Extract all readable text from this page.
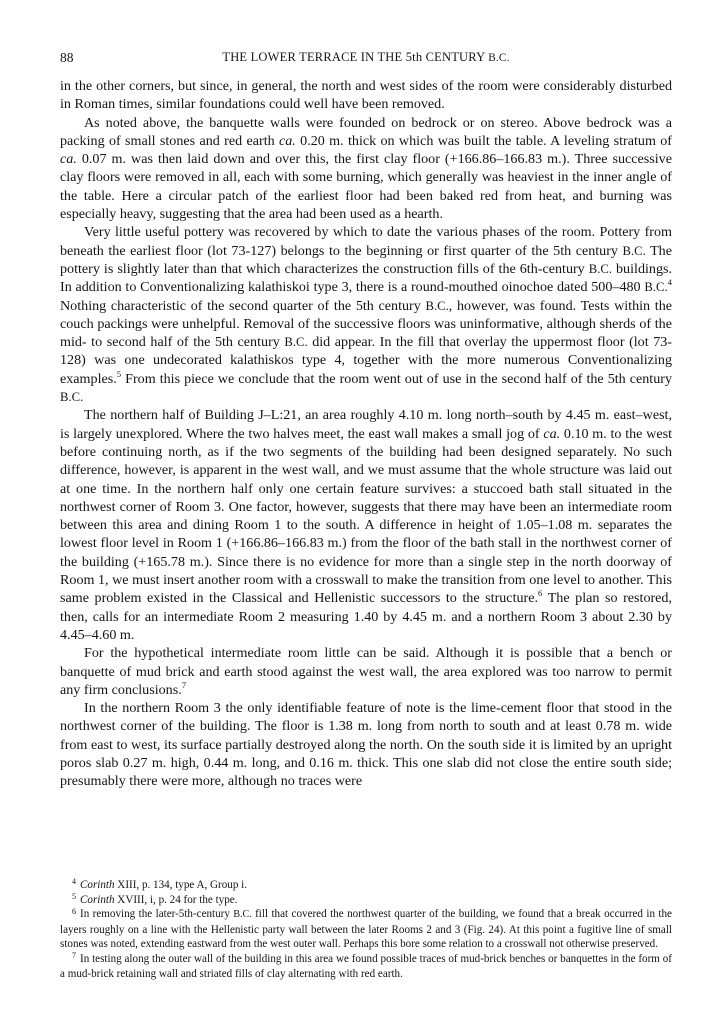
88	THE LOWER TERRACE IN THE 5th CENTURY B.C.

in the other corners, but since, in general, the north and west sides of the room were considerably disturbed in Roman times, similar foundations could well have been removed.

As noted above, the banquette walls were founded on bedrock or on stereo. Above bedrock was a packing of small stones and red earth ca. 0.20 m. thick on which was built the table. A leveling stratum of ca. 0.07 m. was then laid down and over this, the first clay floor (+166.86–166.83 m.). Three successive clay floors were removed in all, each with some burning, which generally was heaviest in the inner angle of the table. Here a circular patch of the earliest floor had been baked red from heat, and burning was especially heavy, suggesting that the area had been used as a hearth.

Very little useful pottery was recovered by which to date the various phases of the room. Pottery from beneath the earliest floor (lot 73-127) belongs to the beginning or first quarter of the 5th century B.C. The pottery is slightly later than that which characterizes the construction fills of the 6th-century B.C. buildings. In addition to Conventionalizing kalathiskoi type 3, there is a round-mouthed oinochoe dated 500–480 B.C.$^4$ Nothing characteristic of the second quarter of the 5th century B.C., however, was found. Tests within the couch packings were unhelpful. Removal of the successive floors was uninformative, although sherds of the mid- to second half of the 5th century B.C. did appear. In the fill that overlay the uppermost floor (lot 73-128) was one undecorated kalathiskos type 4, together with the more numerous Conventionalizing examples.$^5$ From this piece we conclude that the room went out of use in the second half of the 5th century B.C.

The northern half of Building J–L:21, an area roughly 4.10 m. long north–south by 4.45 m. east–west, is largely unexplored. Where the two halves meet, the east wall makes a small jog of ca. 0.10 m. to the west before continuing north, as if the two segments of the building had been designed separately. No such difference, however, is apparent in the west wall, and we must assume that the whole structure was laid out at one time. In the northern half only one certain feature survives: a stuccoed bath stall situated in the northwest corner of Room 3. One factor, however, suggests that there may have been an intermediate room between this area and dining Room 1 to the south. A difference in height of 1.05–1.08 m. separates the lowest floor level in Room 1 (+166.86–166.83 m.) from the floor of the bath stall in the northwest corner of the building (+165.78 m.). Since there is no evidence for more than a single step in the north doorway of Room 1, we must insert another room with a crosswall to make the transition from one level to another. This same problem existed in the Classical and Hellenistic successors to the structure.$^6$ The plan so restored, then, calls for an intermediate Room 2 measuring 1.40 by 4.45 m. and a northern Room 3 about 2.30 by 4.45–4.60 m.

For the hypothetical intermediate room little can be said. Although it is possible that a bench or banquette of mud brick and earth stood against the west wall, the area explored was too narrow to permit any firm conclusions.$^7$

In the northern Room 3 the only identifiable feature of note is the lime-cement floor that stood in the northwest corner of the building. The floor is 1.38 m. long from north to south and at least 0.78 m. wide from east to west, its surface partially destroyed along the north. On the south side it is limited by an upright poros slab 0.27 m. high, 0.44 m. long, and 0.16 m. thick. This one slab did not close the entire south side; presumably there were more, although no traces were

$^4$ Corinth XIII, p. 134, type A, Group i.

$^5$ Corinth XVIII, i, p. 24 for the type.

$^6$ In removing the later-5th-century B.C. fill that covered the northwest quarter of the building, we found that a break occurred in the layers roughly on a line with the Hellenistic party wall between the later Rooms 2 and 3 (Fig. 24). At this point a fugitive line of small stones was noted, extending eastward from the west outer wall. Perhaps this bore some relation to a crosswall not otherwise preserved.

$^7$ In testing along the outer wall of the building in this area we found possible traces of mud-brick benches or banquettes in the form of a mud-brick retaining wall and striated fills of clay alternating with red earth.
